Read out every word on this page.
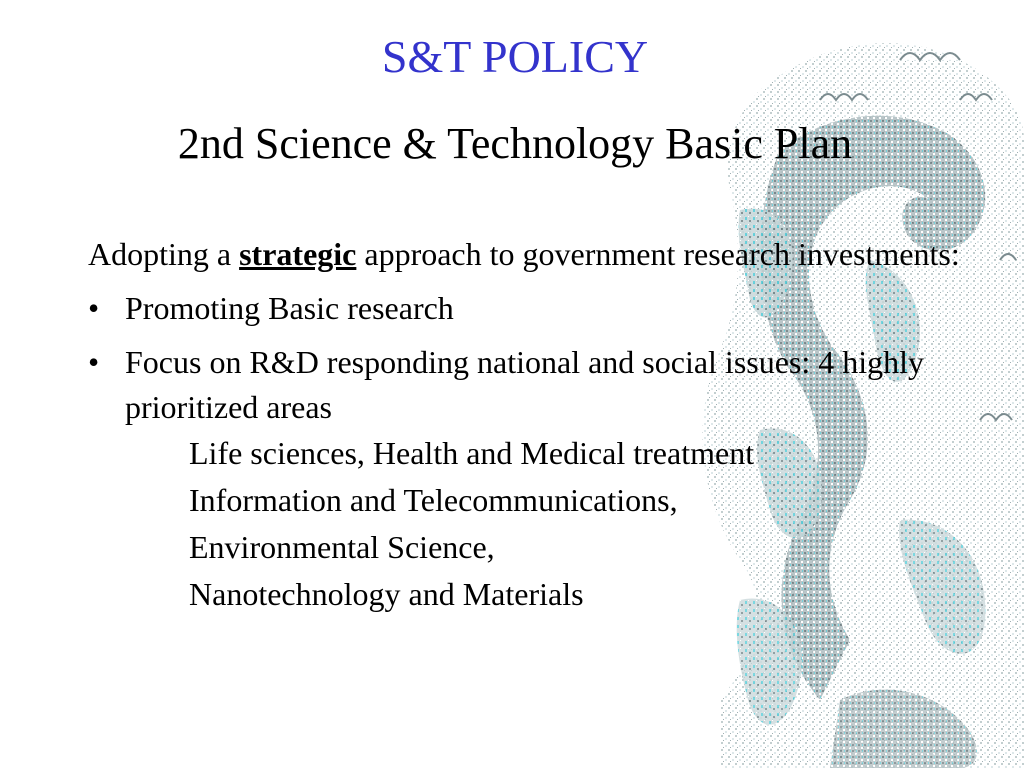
S&T POLICY
2nd Science & Technology Basic Plan

Adopting a strategic approach to government research investments:

• Promoting Basic research
• Focus on R&D responding national and social issues: 4 highly prioritized areas
Life sciences, Health and Medical treatment
Information and Telecommunications,
Environmental Science,
Nanotechnology and Materials
